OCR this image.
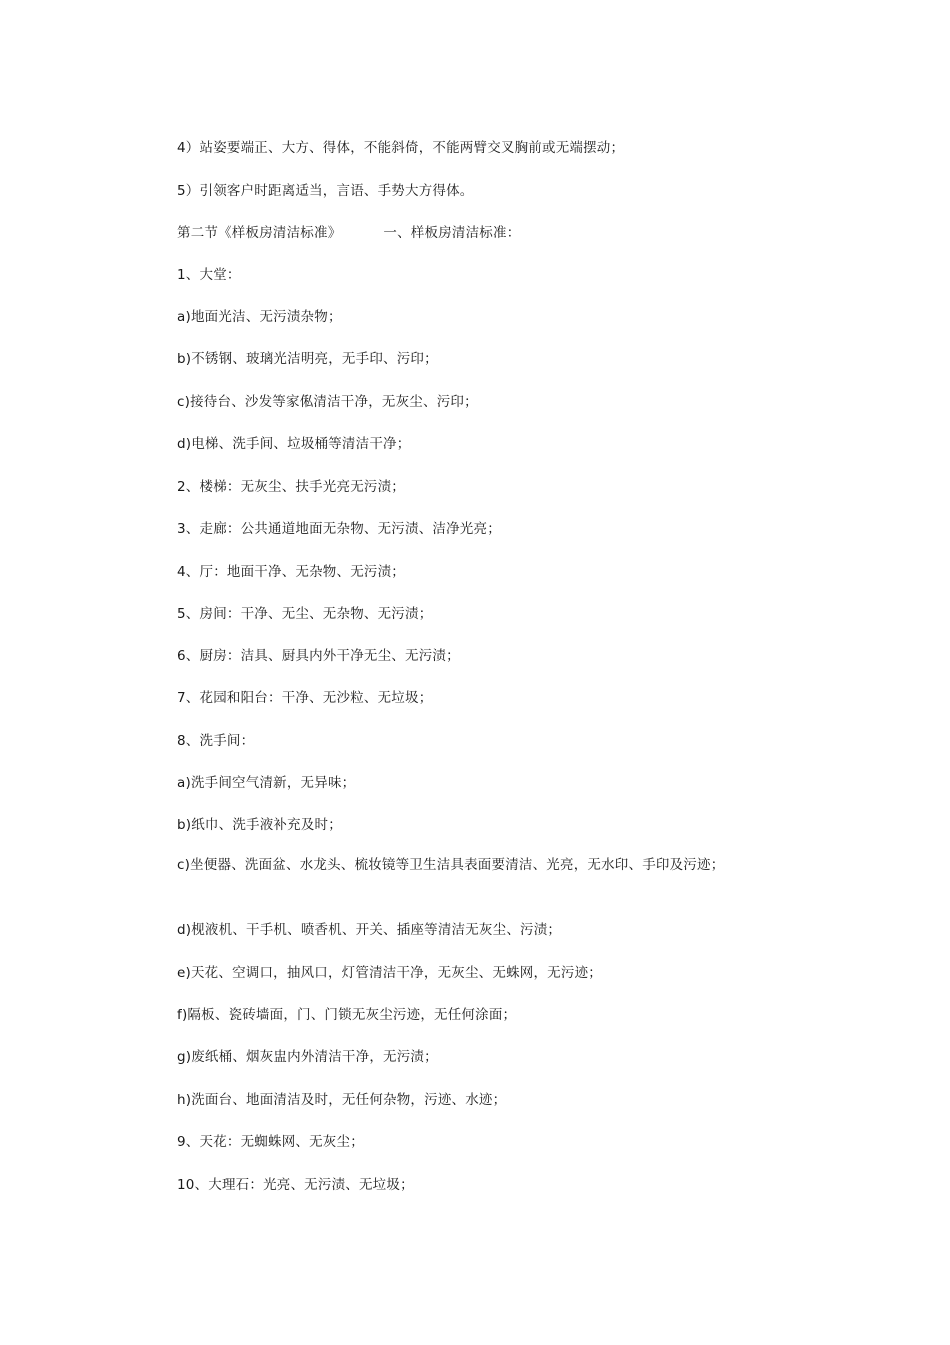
4）站姿要端正、大方、得体，不能斜倚，不能两臂交叉胸前或无端摆动；
5）引领客户时距离适当，言语、手势大方得体。
第二节《样板房清洁标准》	一、样板房清洁标准：
1、大堂：
a)地面光洁、无污渍杂物；
b)不锈钢、玻璃光洁明亮，无手印、污印；
c)接待台、沙发等家俬清洁干净，无灰尘、污印；
d)电梯、洗手间、垃圾桶等清洁干净；
2、楼梯：无灰尘、扶手光亮无污渍；
3、走廊：公共通道地面无杂物、无污渍、洁净光亮；
4、厅：地面干净、无杂物、无污渍；
5、房间：干净、无尘、无杂物、无污渍；
6、厨房：洁具、厨具内外干净无尘、无污渍；
7、花园和阳台：干净、无沙粒、无垃圾；
8、洗手间：
a)洗手间空气清新，无异味；
b)纸巾、洗手液补充及时；
c)坐便器、洗面盆、水龙头、梳妆镜等卫生洁具表面要清洁、光亮，无水印、手印及污迹；
d)枧液机、干手机、喷香机、开关、插座等清洁无灰尘、污渍；
e)天花、空调口，抽风口，灯管清洁干净，无灰尘、无蛛网，无污迹；
f)隔板、瓷砖墙面，门、门锁无灰尘污迹，无任何涂面；
g)废纸桶、烟灰盅内外清洁干净，无污渍；
h)洗面台、地面清洁及时，无任何杂物，污迹、水迹；
9、天花：无蜘蛛网、无灰尘；
10、大理石：光亮、无污渍、无垃圾；
